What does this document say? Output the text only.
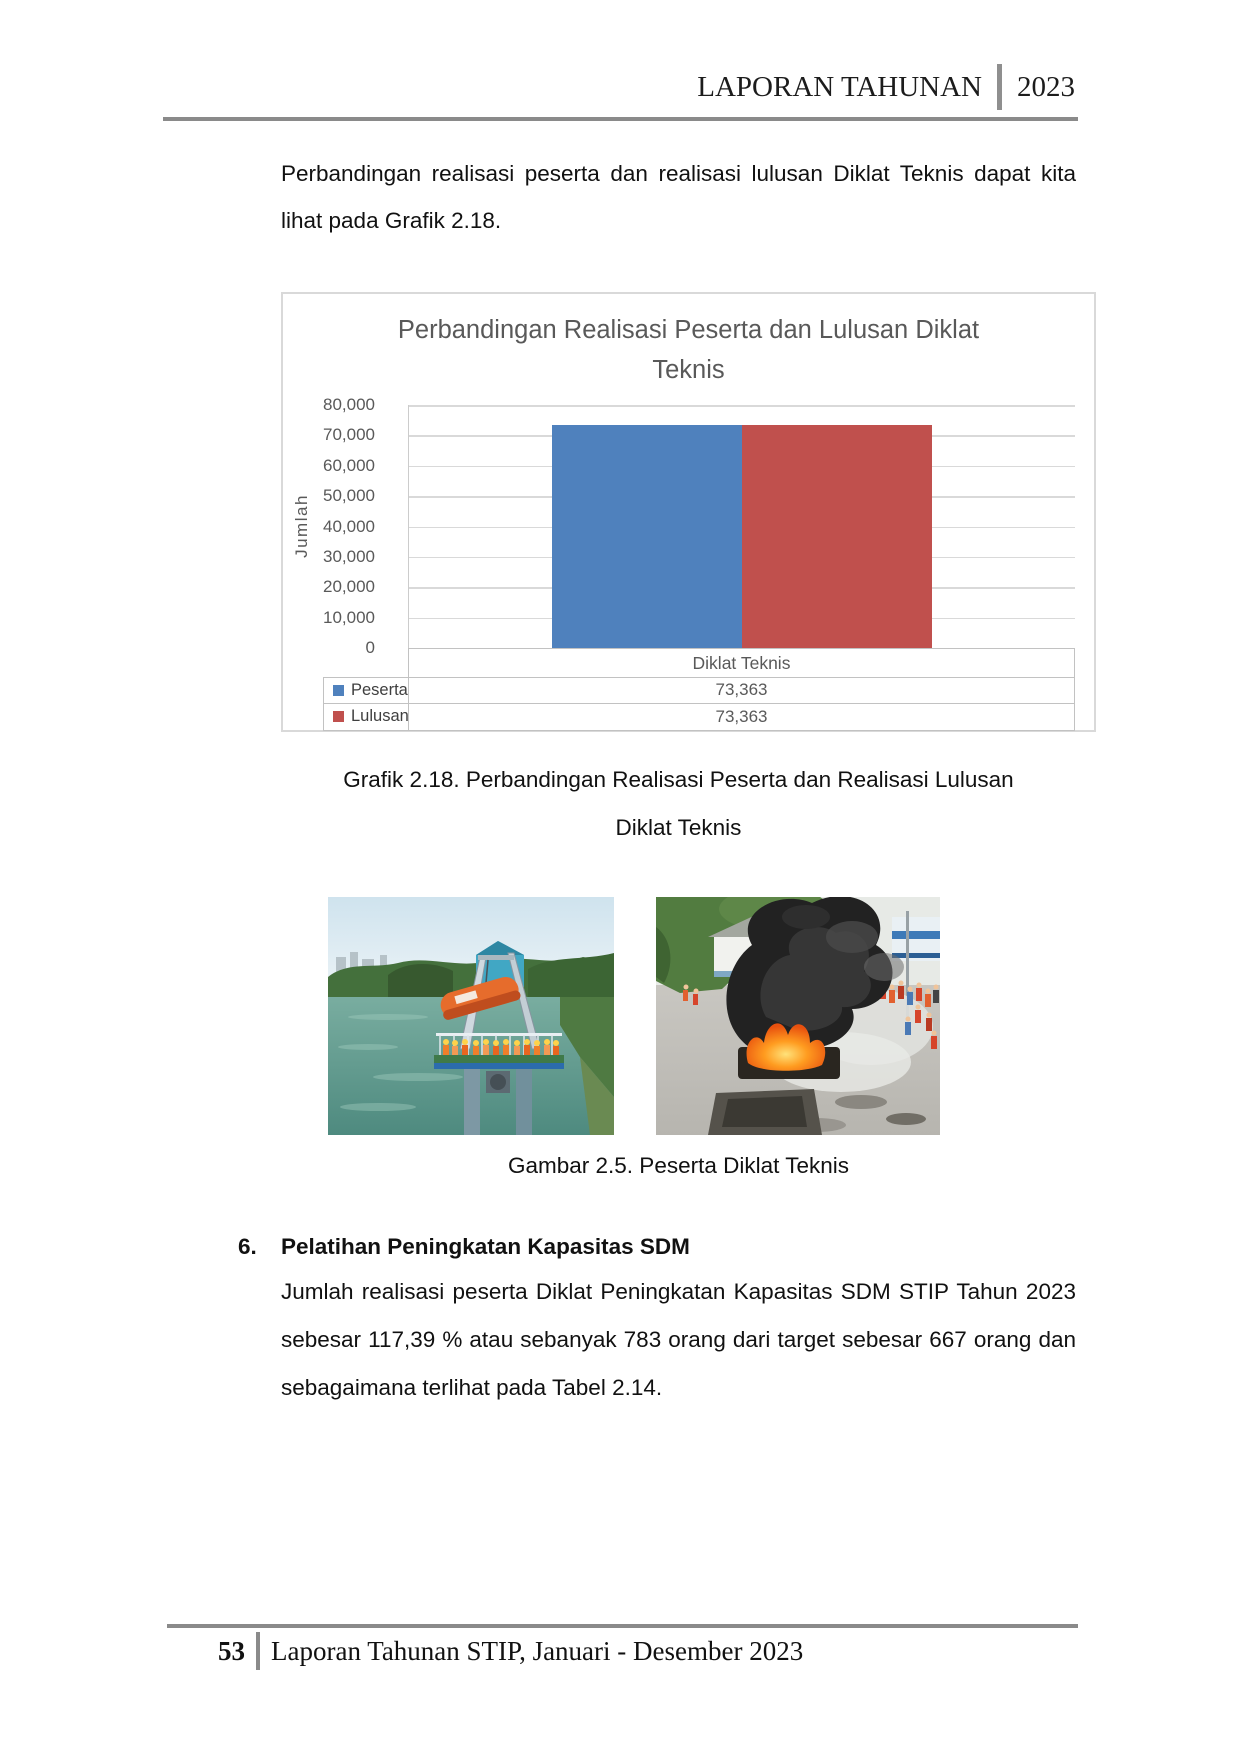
LAPORAN TAHUNAN 2023

Perbandingan realisasi peserta dan realisasi lulusan Diklat Teknis dapat kita lihat pada Grafik 2.18.

Perbandingan Realisasi Peserta dan Lulusan Diklat
Teknis
Jumlah
80,000
70,000
60,000
50,000
40,000
30,000
20,000
10,000
0
Diklat Teknis
Peserta	73,363
Lulusan	73,363
Grafik 2.18. Perbandingan Realisasi Peserta dan Realisasi Lulusan
Diklat Teknis
Gambar 2.5. Peserta Diklat Teknis
6. Pelatihan Peningkatan Kapasitas SDM

Jumlah realisasi peserta Diklat Peningkatan Kapasitas SDM STIP Tahun 2023 sebesar 117,39 % atau sebanyak 783 orang dari target sebesar 667 orang dan sebagaimana terlihat pada Tabel 2.14.

53 Laporan Tahunan STIP, Januari - Desember 2023
